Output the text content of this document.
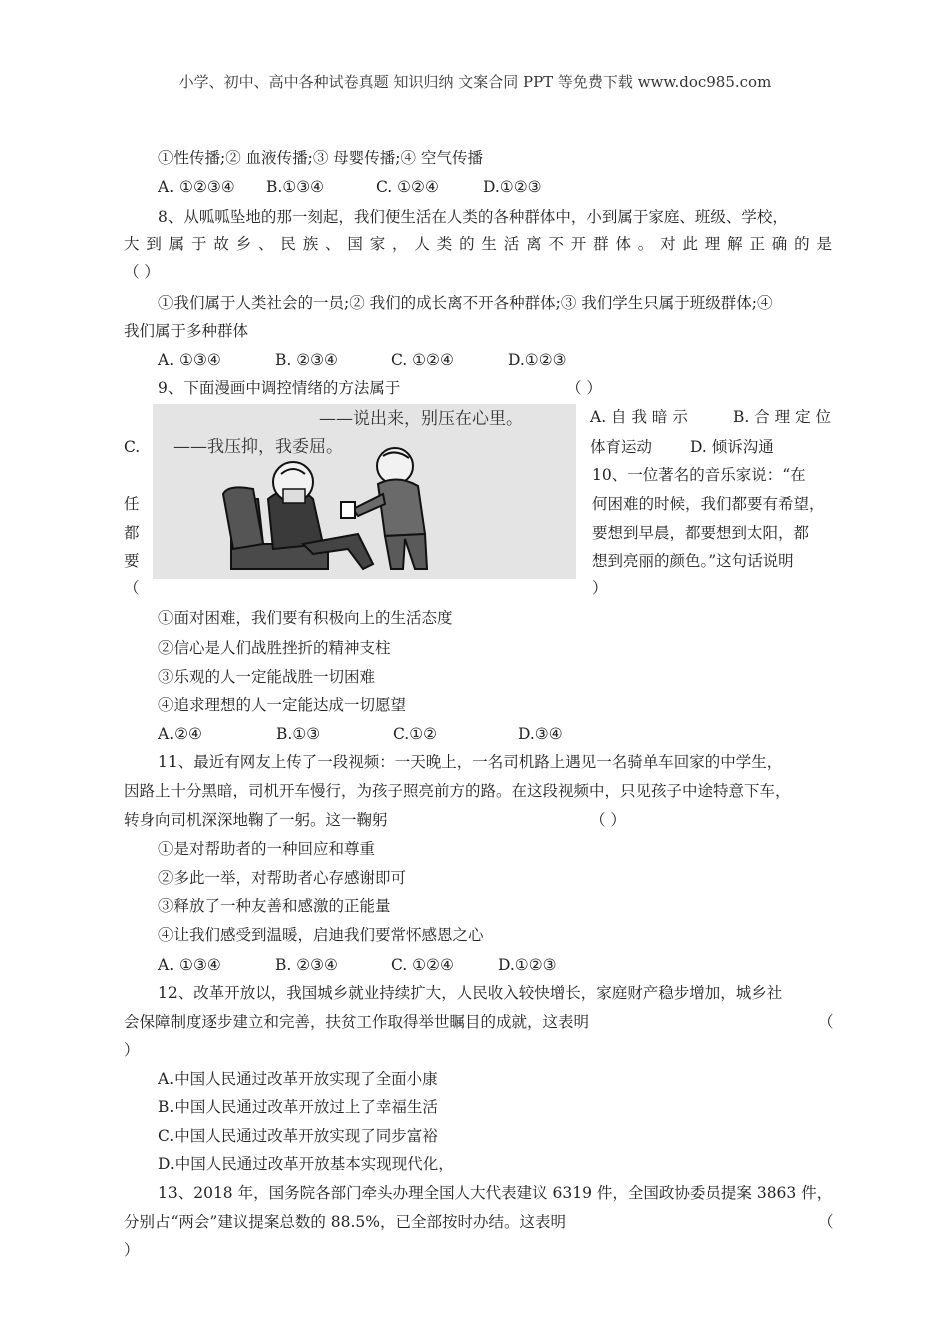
小学、初中、高中各种试卷真题 知识归纳 文案合同 PPT 等免费下载 www.doc985.com
①性传播;② 血液传播;③ 母婴传播;④ 空气传播
A. ①②③④ B.①③④	C. ①②④	D.①②③
8、从呱呱坠地的那一刻起，我们便生活在人类的各种群体中，小到属于家庭、班级、学校，
大到属于故乡、民族、国家，人类的生活离不开群体。对此理解正确的是
（ ）
①我们属于人类社会的一员;② 我们的成长离不开各种群体;③ 我们学生只属于班级群体;④
我们属于多种群体
A. ①③④	B. ②③④	C. ①②④	D.①②③
9、下面漫画中调控情绪的方法属于	（ ）
——说出来，别压在心里。
——我压抑，我委屈。
A. 自 我 暗 示	B. 合 理 定 位
C.	体育运动 D. 倾诉沟通
10、一位著名的音乐家说：“在
何困难的时候，我们都要有希望，
要想到早晨，都要想到太阳，都
想到亮丽的颜色。”这句话说明
任
都
要
（	）
①面对困难，我们要有积极向上的生活态度
②信心是人们战胜挫折的精神支柱
③乐观的人一定能战胜一切困难
④追求理想的人一定能达成一切愿望
A.②④	B.①③	C.①②	D.③④
11、最近有网友上传了一段视频：一天晚上，一名司机路上遇见一名骑单车回家的中学生，
因路上十分黑暗，司机开车慢行，为孩子照亮前方的路。在这段视频中，只见孩子中途特意下车，
转身向司机深深地鞠了一躬。这一鞠躬	（ ）
①是对帮助者的一种回应和尊重
②多此一举，对帮助者心存感谢即可
③释放了一种友善和感激的正能量
④让我们感受到温暖，启迪我们要常怀感恩之心
A. ①③④	B. ②③④	C. ①②④	D.①②③
12、改革开放以，我国城乡就业持续扩大，人民收入较快增长，家庭财产稳步增加，城乡社
会保障制度逐步建立和完善，扶贫工作取得举世瞩目的成就，这表明	（
）
A.中国人民通过改革开放实现了全面小康
B.中国人民通过改革开放过上了幸福生活
C.中国人民通过改革开放实现了同步富裕
D.中国人民通过改革开放基本实现现代化，
13、2018 年，国务院各部门牵头办理全国人大代表建议 6319 件，全国政协委员提案 3863 件，
分别占“两会”建议提案总数的 88.5%，已全部按时办结。这表明	（
）
